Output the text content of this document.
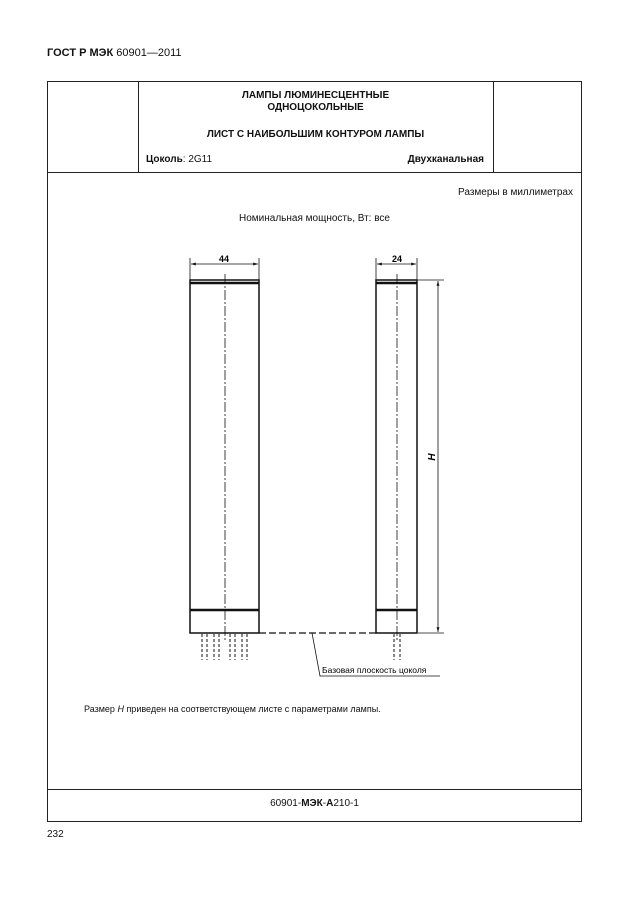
ГОСТ Р МЭК 60901—2011
ЛАМПЫ ЛЮМИНЕСЦЕНТНЫЕ
ОДНОЦОКОЛЬНЫЕ
ЛИСТ С НАИБОЛЬШИМ КОНТУРОМ ЛАМПЫ
Цоколь: 2G11	Двухканальная
Размеры в миллиметрах
Номинальная мощность, Вт: все
Размер H приведен на соответствующем листе с параметрами лампы.
60901-МЭК-А210-1
44	24
H
Базовая плоскость цоколя
232
